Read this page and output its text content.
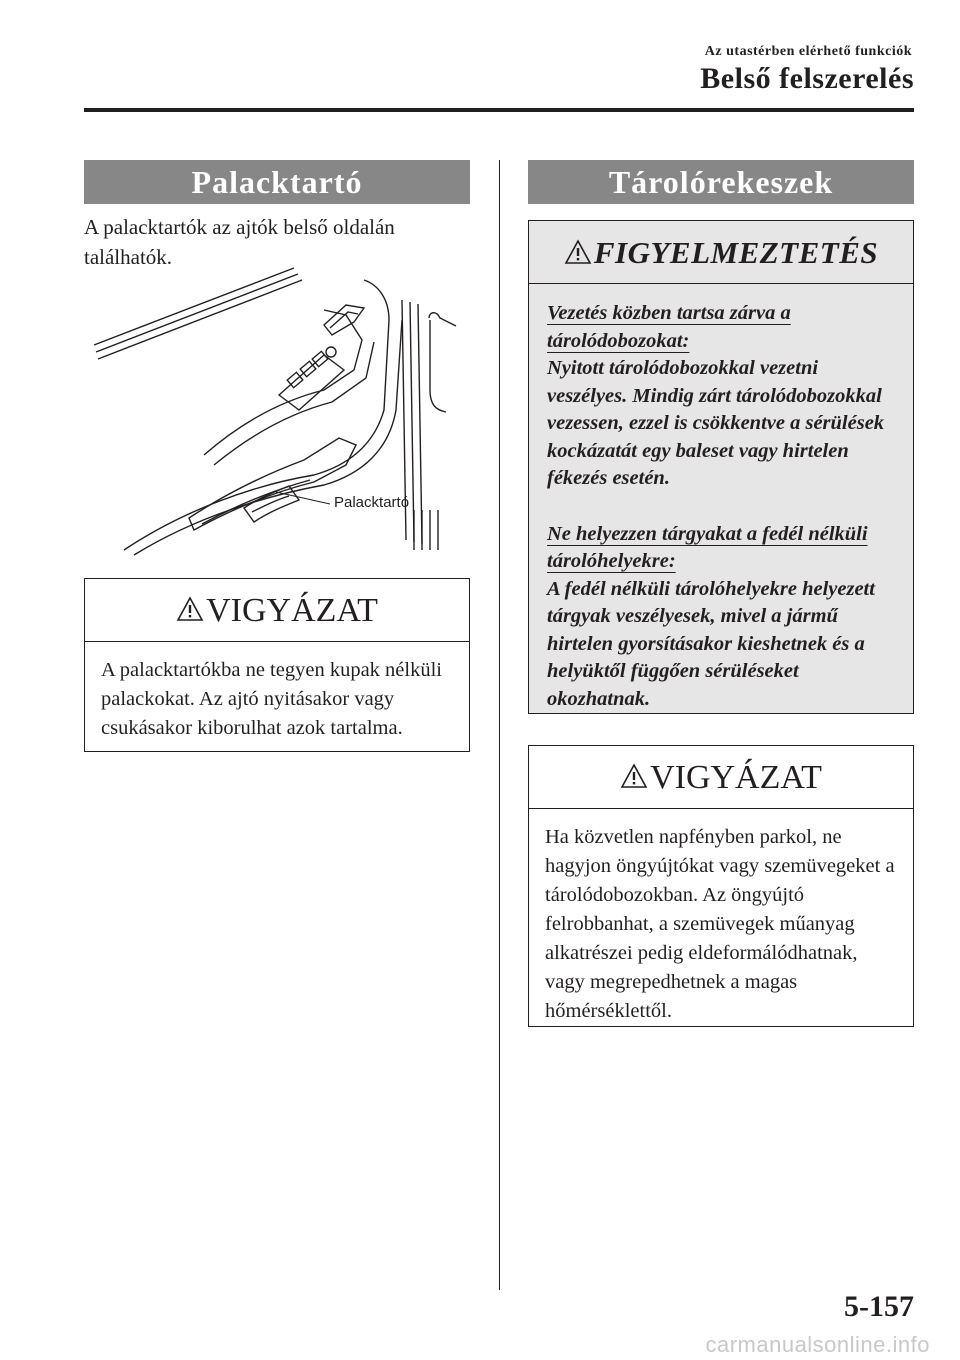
Az utastérben elérhető funkciók
Belső felszerelés
Palacktartó
A palacktartók az ajtók belső oldalán találhatók.
Palacktartó
VIGYÁZAT
A palacktartókba ne tegyen kupak nélküli palackokat. Az ajtó nyitásakor vagy csukásakor kiborulhat azok tartalma.
Tárolórekeszek
FIGYELMEZTETÉS
Vezetés közben tartsa zárva a tárolódobozokat:
Nyitott tárolódobozokkal vezetni veszélyes. Mindig zárt tárolódobozokkal vezessen, ezzel is csökkentve a sérülések kockázatát egy baleset vagy hirtelen fékezés esetén.
Ne helyezzen tárgyakat a fedél nélküli tárolóhelyekre:
A fedél nélküli tárolóhelyekre helyezett tárgyak veszélyesek, mivel a jármű hirtelen gyorsításakor kieshetnek és a helyüktől függően sérüléseket okozhatnak.
VIGYÁZAT
Ha közvetlen napfényben parkol, ne hagyjon öngyújtókat vagy szemüvegeket a tárolódobozokban. Az öngyújtó felrobbanhat, a szemüvegek műanyag alkatrészei pedig eldeformálódhatnak, vagy megrepedhetnek a magas hőmérséklettől.
5-157
carmanualsonline.info
